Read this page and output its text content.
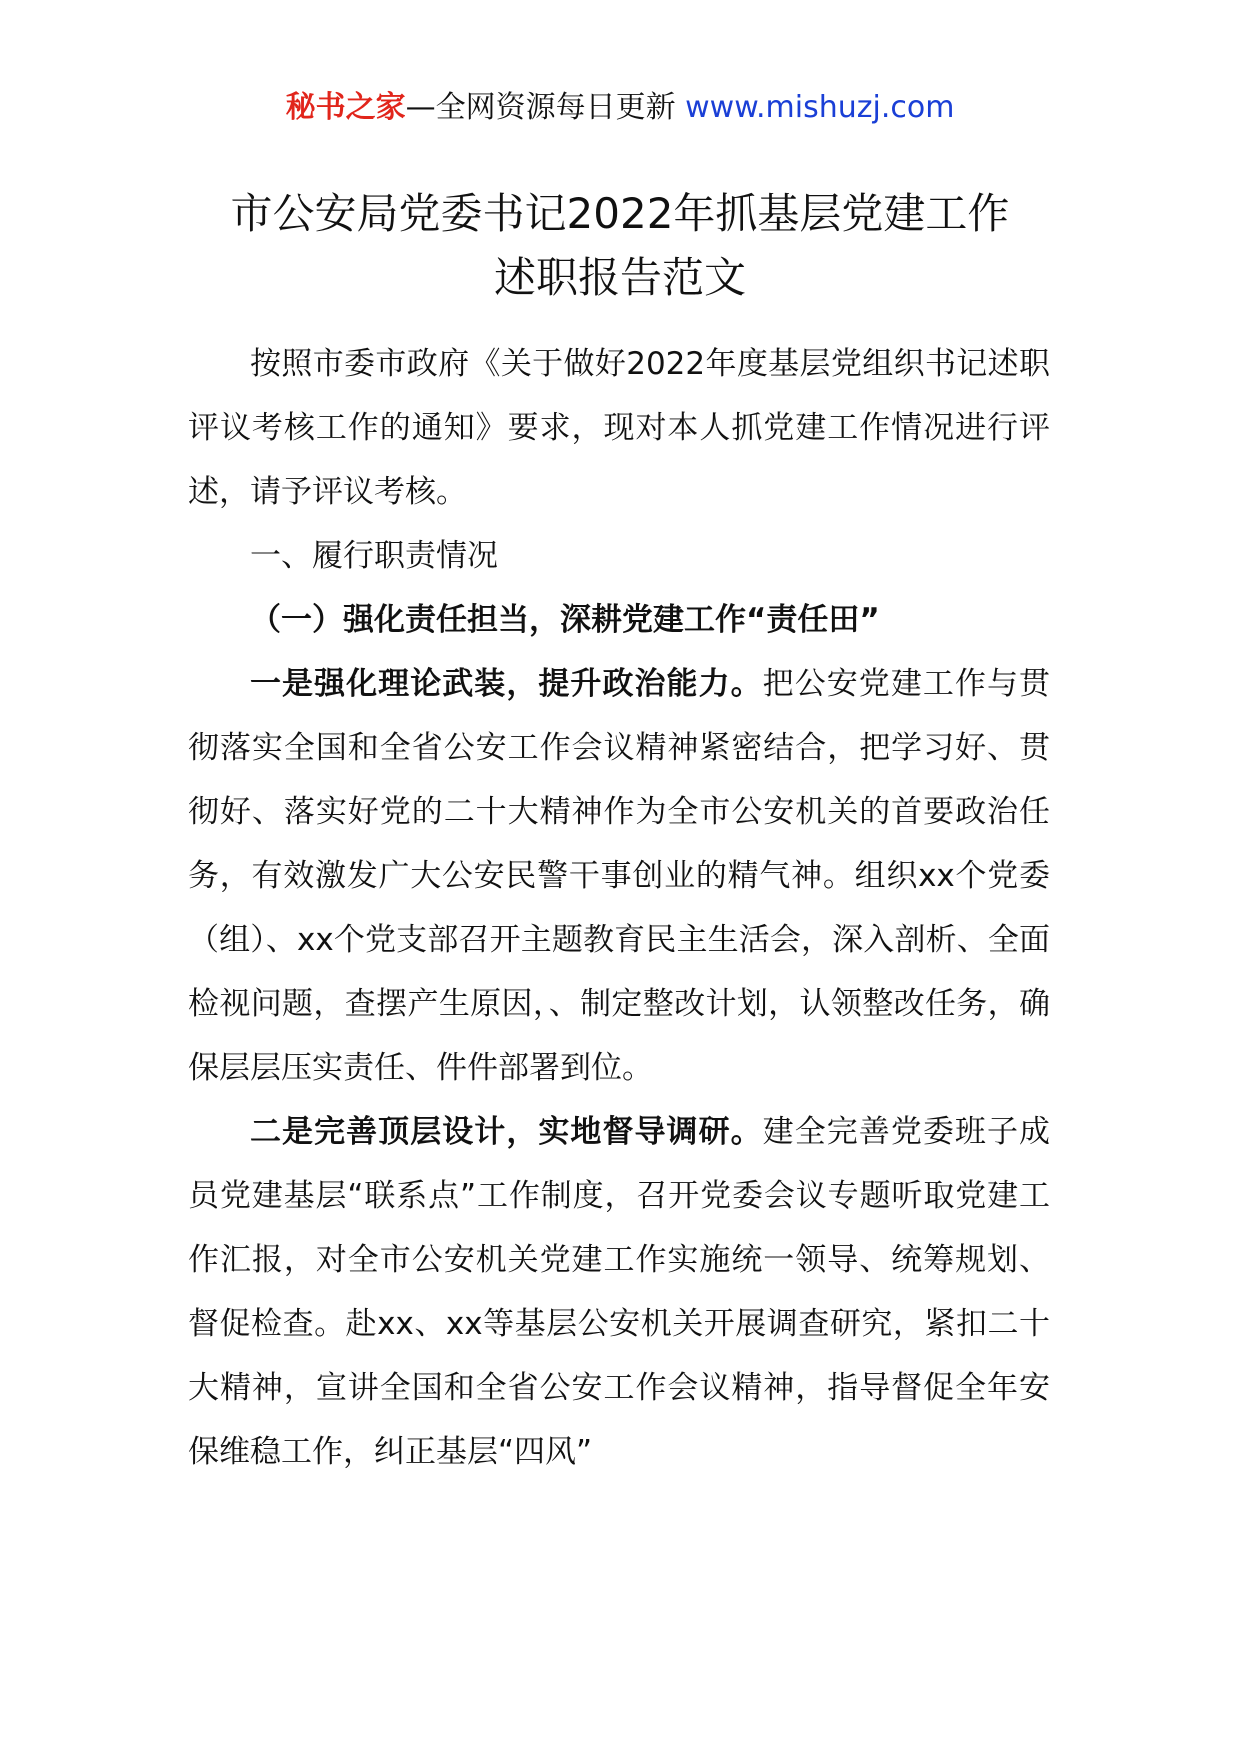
秘书之家—全网资源每日更新 www.mishuzj.com
市公安局党委书记2022年抓基层党建工作
述职报告范文

按照市委市政府《关于做好2022年度基层党组织书记述职评议考核工作的通知》要求，现对本人抓党建工作情况进行评述，请予评议考核。

一、履行职责情况

（一）强化责任担当，深耕党建工作“责任田”

一是强化理论武装，提升政治能力。把公安党建工作与贯彻落实全国和全省公安工作会议精神紧密结合，把学习好、贯彻好、落实好党的二十大精神作为全市公安机关的首要政治任务，有效激发广大公安民警干事创业的精气神。组织xx个党委（组）、xx个党支部召开主题教育民主生活会，深入剖析、全面检视问题，查摆产生原因，、制定整改计划，认领整改任务，确保层层压实责任、件件部署到位。

二是完善顶层设计，实地督导调研。建全完善党委班子成员党建基层“联系点”工作制度，召开党委会议专题听取党建工作汇报，对全市公安机关党建工作实施统一领导、统筹规划、督促检查。赴xx、xx等基层公安机关开展调查研究，紧扣二十大精神，宣讲全国和全省公安工作会议精神，指导督促全年安保维稳工作，纠正基层“四风”
